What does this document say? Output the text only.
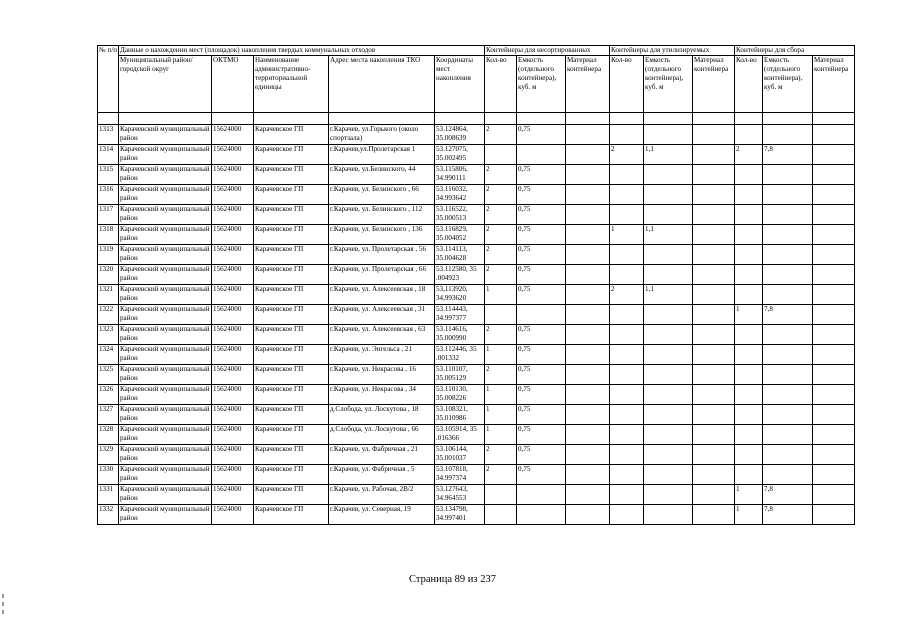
№ п/п	Данные о нахождении мест (площадок) накопления твердых коммунальных отходов					Контейнеры для несортированных			Контейнеры для утилизируемых			Контейнеры для сбора		
	Муниципальный район/городской округ	ОКТМО	Наименование административно-территориальной единицы	Адрес места накопления ТКО	Координаты мест накопления	Кол-во	Емкость (отдельного контейнера), куб. м	Материал контейнера	Кол-во	Емкость (отдельного контейнера), куб. м	Материал контейнера	Кол-во	Емкость (отдельного контейнера), куб. м	Материал контейнера

1313	Карачевский муниципальный район	15624000	Карачевское ГП	г.Карачев, ул.Горького (около спортзала)	53.124864, 35.008639	2	0,75							
1314	Карачевский муниципальный район	15624000	Карачевское ГП	г.Карачев,ул.Пролетарская 1	53.127075, 35.002495				2	1,1		2	7,8	
1315	Карачевский муниципальный район	15624000	Карачевское ГП	г.Карачев, ул.Белинского, 44	53.115806, 34.990111	2	0,75							
1316	Карачевский муниципальный район	15624000	Карачевское ГП	г.Карачев, ул. Белинского , 66	53.116032, 34.993642	2	0,75							
1317	Карачевский муниципальный район	15624000	Карачевское ГП	г.Карачев, ул. Белинского , 112	53.116522, 35.000513	2	0,75							
1318	Карачевский муниципальный район	15624000	Карачевское ГП	г.Карачев, ул. Белинского , 136	53.116829, 35.004052	2	0,75		1	1,1				
1319	Карачевский муниципальный район	15624000	Карачевское ГП	г.Карачев, ул. Пролетарская , 56	53.114113, 35.004628	2	0,75							
1320	Карачевский муниципальный район	15624000	Карачевское ГП	г.Карачев, ул. Пролетарская , 66	53.112580, 35 .004923	2	0,75							
1321	Карачевский муниципальный район	15624000	Карачевское ГП	г.Карачев, ул. Алексеевская , 18	53,113920, 34,993620	1	0,75		2	1,1				
1322	Карачевский муниципальный район	15624000	Карачевское ГП	г.Карачев, ул. Алексеевская , 31	53.114443, 34.997377							1	7,8	
1323	Карачевский муниципальный район	15624000	Карачевское ГП	г.Карачев, ул. Алексеевская , 63	53.114616, 35.000990	2	0,75							
1324	Карачевский муниципальный район	15624000	Карачевское ГП	г.Карачев, ул. Энгельса , 21	53.112446, 35 .001332	1	0,75							
1325	Карачевский муниципальный район	15624000	Карачевское ГП	г.Карачев, ул. Некрасова , 16	53.110107, 35.005129	2	0,75							
1326	Карачевский муниципальный район	15624000	Карачевское ГП	г.Карачев, ул. Некрасова , 34	53.110130, 35.008226	1	0,75							
1327	Карачевский муниципальный район	15624000	Карачевское ГП	д.Слобода, ул. Лоскутова , 18	53.108321, 35.010986	1	0,75							
1328	Карачевский муниципальный район	15624000	Карачевское ГП	д.Слобода, ул. Лоскутова , 66	53.105914, 35 .016366	1	0,75							
1329	Карачевский муниципальный район	15624000	Карачевское ГП	г.Карачев, ул. Фабричная , 21	53.106144, 35.001037	2	0,75							
1330	Карачевский муниципальный район	15624000	Карачевское ГП	г.Карачев, ул. Фабричная , 5	53.107818, 34.997374	2	0,75							
1331	Карачевский муниципальный район	15624000	Карачевское ГП	г.Карачев, ул. Рабочая, 2В/2	53.127643, 34.964553							1	7,8	
1332	Карачевский муниципальный район	15624000	Карачевское ГП	г.Карачев, ул. Северная, 19	53.134798, 34.997401							1	7,8	
Страница 89 из 237
